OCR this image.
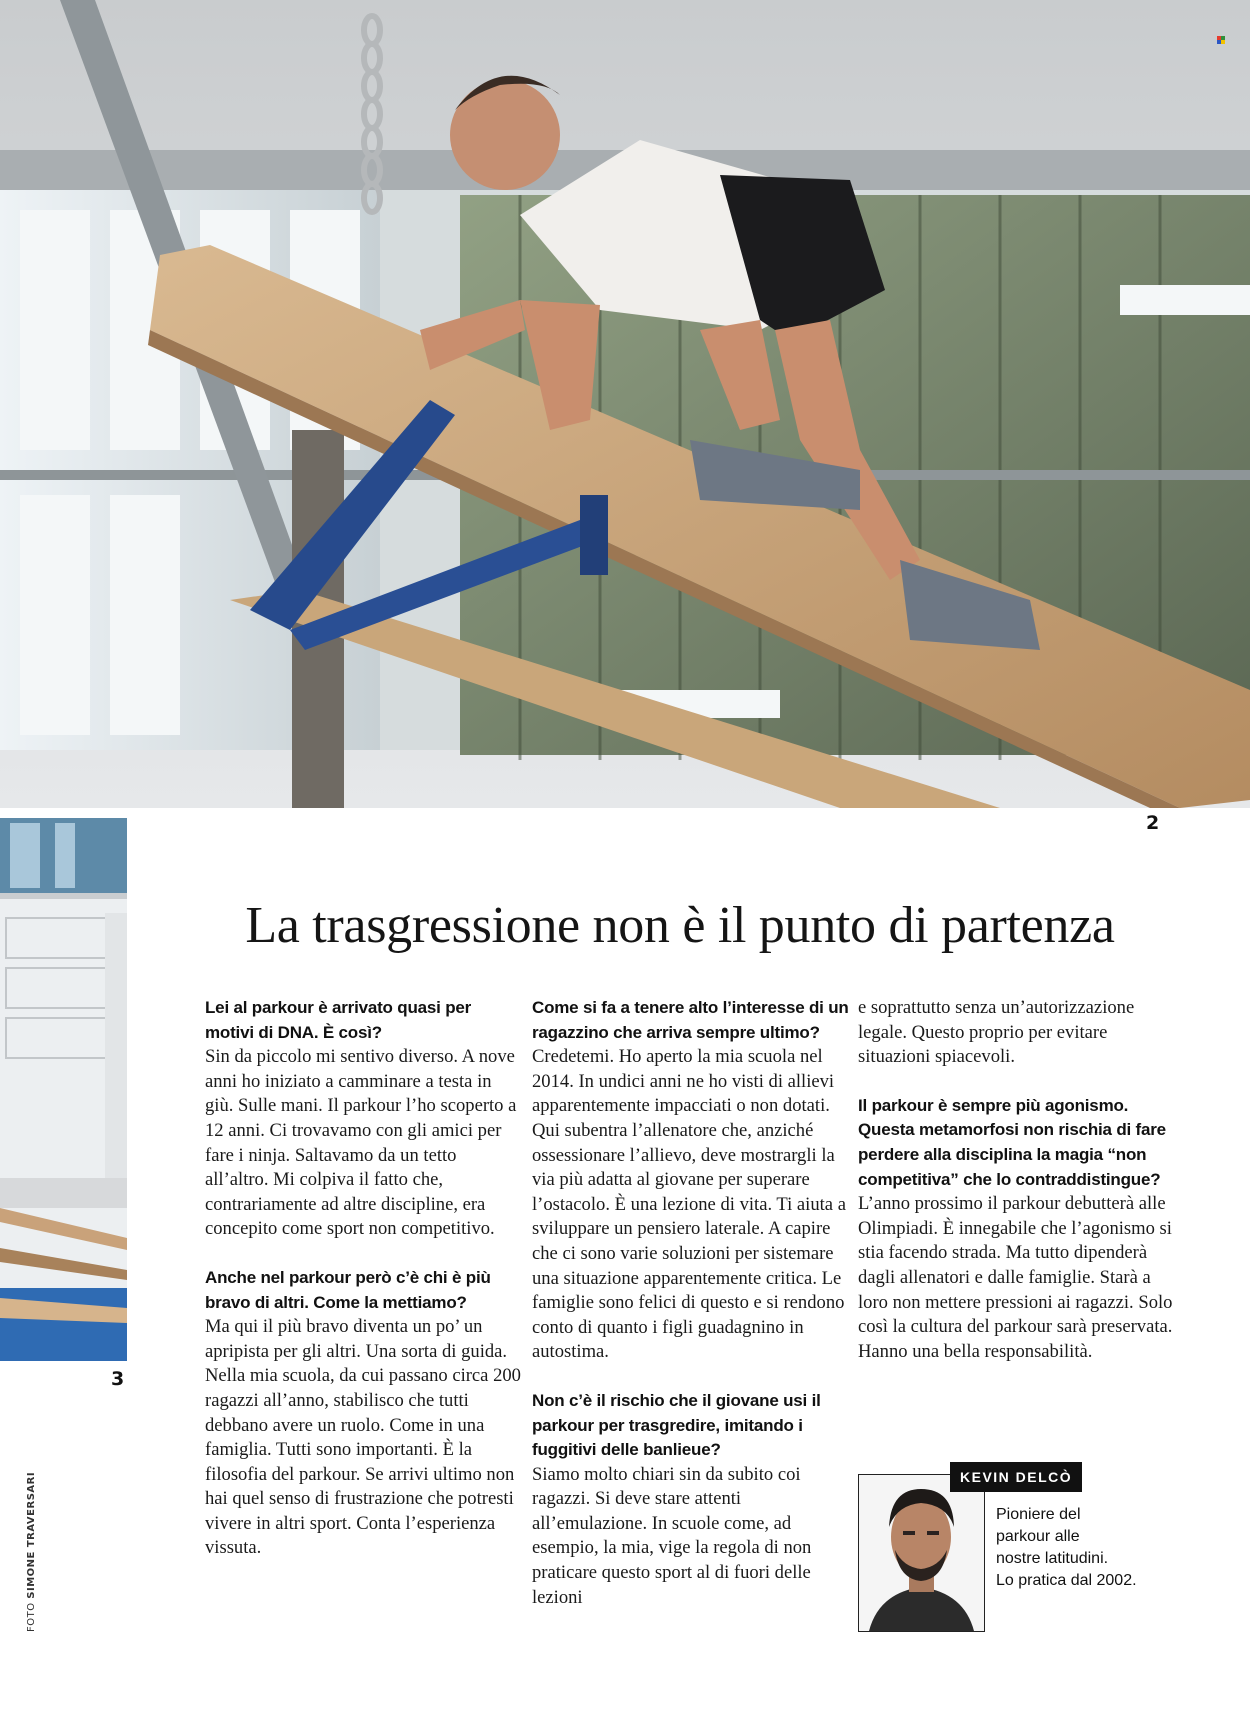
2
3
FOTO SIMONE TRAVERSARI
La trasgressione non è il punto di partenza

Lei al parkour è arrivato quasi per motivi di DNA. È così?

Sin da piccolo mi sentivo diverso. A nove anni ho iniziato a camminare a testa in giù. Sulle mani. Il parkour l’ho scoperto a 12 anni. Ci trovavamo con gli amici per fare i ninja. Saltavamo da un tetto all’altro. Mi colpiva il fatto che, contrariamente ad altre discipline, era concepito come sport non competitivo.

Anche nel parkour però c’è chi è più bravo di altri. Come la mettiamo?

Ma qui il più bravo diventa un po’ un apripista per gli altri. Una sorta di guida. Nella mia scuola, da cui passano circa 200 ragazzi all’anno, stabilisco che tutti debbano avere un ruolo. Come in una famiglia. Tutti sono importanti. È la filosofia del parkour. Se arrivi ultimo non hai quel senso di frustrazione che potresti vivere in altri sport. Conta l’esperienza vissuta.

Come si fa a tenere alto l’interesse di un ragazzino che arriva sempre ultimo?

Credetemi. Ho aperto la mia scuola nel 2014. In undici anni ne ho visti di allievi apparentemente impacciati o non dotati. Qui subentra l’allenatore che, anziché ossessionare l’allievo, deve mostrargli la via più adatta al giovane per superare l’ostacolo. È una lezione di vita. Ti aiuta a sviluppare un pensiero laterale. A capire che ci sono varie soluzioni per sistemare una situazione apparentemente critica. Le famiglie sono felici di questo e si rendono conto di quanto i figli guadagnino in autostima.

Non c’è il rischio che il giovane usi il parkour per trasgredire, imitando i fuggitivi delle banlieue?

Siamo molto chiari sin da subito coi ragazzi. Si deve stare attenti all’emulazione. In scuole come, ad esempio, la mia, vige la regola di non praticare questo sport al di fuori delle lezioni

e soprattutto senza un’autorizzazione legale. Questo proprio per evitare situazioni spiacevoli.

Il parkour è sempre più agonismo. Questa metamorfosi non rischia di fare perdere alla disciplina la magia “non competitiva” che lo contraddistingue?

L’anno prossimo il parkour debutterà alle Olimpiadi. È innegabile che l’agonismo si stia facendo strada. Ma tutto dipenderà dagli allenatori e dalle famiglie. Starà a loro non mettere pressioni ai ragazzi. Solo così la cultura del parkour sarà preservata. Hanno una bella responsabilità.

KEVIN DELCÒ
Pioniere del
parkour alle
nostre latitudini.
Lo pratica dal 2002.
